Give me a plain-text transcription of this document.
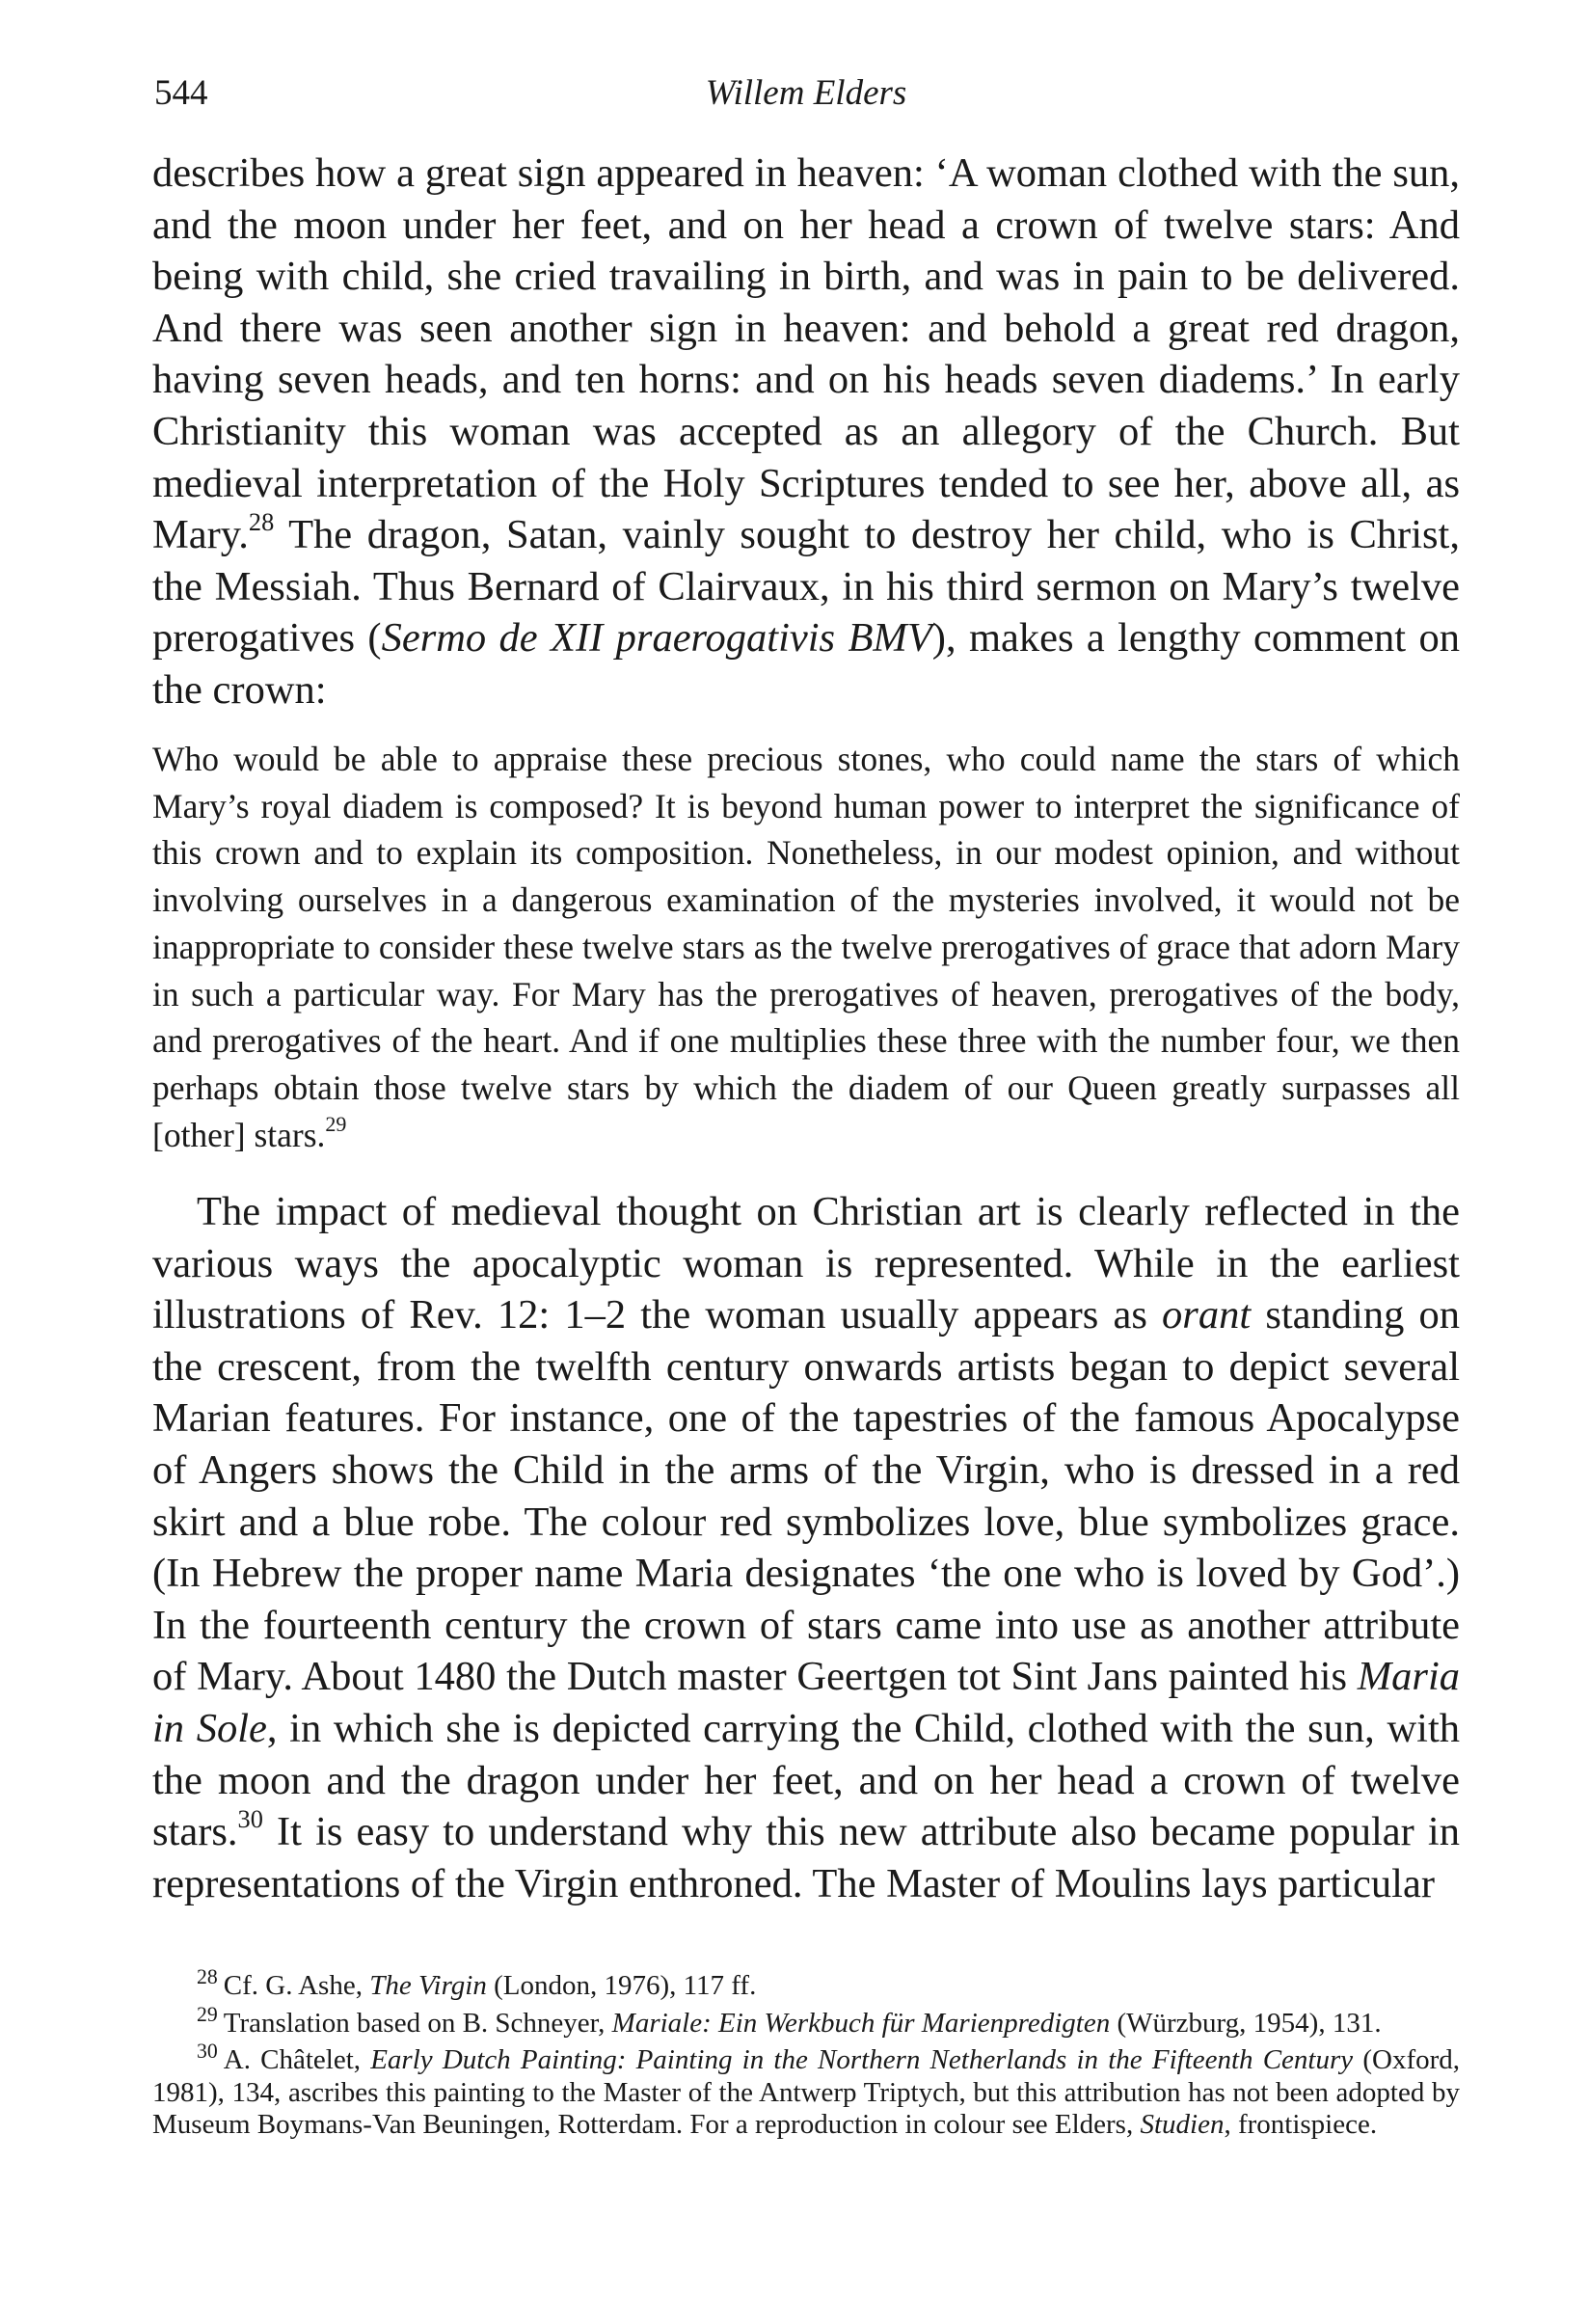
544	Willem Elders

describes how a great sign appeared in heaven: ‘A woman clothed with the sun, and the moon under her feet, and on her head a crown of twelve stars: And being with child, she cried travailing in birth, and was in pain to be delivered. And there was seen another sign in heaven: and behold a great red dragon, having seven heads, and ten horns: and on his heads seven diadems.’ In early Christianity this woman was accepted as an allegory of the Church. But medieval interpretation of the Holy Scriptures tended to see her, above all, as Mary.$^{28}$ The dragon, Satan, vainly sought to destroy her child, who is Christ, the Messiah. Thus Bernard of Clairvaux, in his third sermon on Mary’s twelve prerogatives (Sermo de XII praerogativis BMV), makes a lengthy comment on the crown:

Who would be able to appraise these precious stones, who could name the stars of which Mary’s royal diadem is composed? It is beyond human power to interpret the significance of this crown and to explain its composition. Nonetheless, in our modest opinion, and without involving ourselves in a dangerous examination of the mysteries involved, it would not be inappropriate to consider these twelve stars as the twelve prerogatives of grace that adorn Mary in such a particular way. For Mary has the prerogatives of heaven, prerogatives of the body, and prerogatives of the heart. And if one multiplies these three with the number four, we then perhaps obtain those twelve stars by which the diadem of our Queen greatly surpasses all [other] stars.$^{29}$

The impact of medieval thought on Christian art is clearly reflected in the various ways the apocalyptic woman is represented. While in the earliest illustrations of Rev. 12: 1–2 the woman usually appears as orant standing on the crescent, from the twelfth century onwards artists began to depict several Marian features. For instance, one of the tapestries of the famous Apocalypse of Angers shows the Child in the arms of the Virgin, who is dressed in a red skirt and a blue robe. The colour red symbolizes love, blue symbolizes grace. (In Hebrew the proper name Maria designates ‘the one who is loved by God’.) In the fourteenth century the crown of stars came into use as another attribute of Mary. About 1480 the Dutch master Geertgen tot Sint Jans painted his Maria in Sole, in which she is depicted carrying the Child, clothed with the sun, with the moon and the dragon under her feet, and on her head a crown of twelve stars.$^{30}$ It is easy to understand why this new attribute also became popular in representations of the Virgin enthroned. The Master of Moulins lays particular

$^{28}$ Cf. G. Ashe, The Virgin (London, 1976), 117 ff.

$^{29}$ Translation based on B. Schneyer, Mariale: Ein Werkbuch für Marienpredigten (Würzburg, 1954), 131.

$^{30}$ A. Châtelet, Early Dutch Painting: Painting in the Northern Netherlands in the Fifteenth Century (Oxford, 1981), 134, ascribes this painting to the Master of the Antwerp Triptych, but this attribution has not been adopted by Museum Boymans-Van Beuningen, Rotterdam. For a reproduction in colour see Elders, Studien, frontispiece.
